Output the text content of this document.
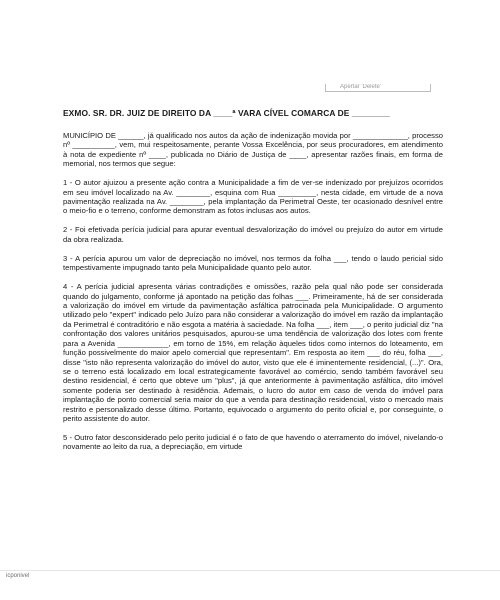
Apertar 'Delete'
EXMO. SR. DR. JUIZ DE DIREITO DA ____ª VARA CÍVEL COMARCA DE ________

MUNICÍPIO DE ______, já qualificado nos autos da ação de indenização movida por _____________, processo nº __________, vem, mui respeitosamente, perante Vossa Excelência, por seus procuradores, em atendimento à nota de expediente nº ____, publicada no Diário de Justiça de ____, apresentar razões finais, em forma de memorial, nos termos que segue:

1 - O autor ajuizou a presente ação contra a Municipalidade a fim de ver-se indenizado por prejuízos ocorridos em seu imóvel localizado na Av. ________, esquina com Rua _________, nesta cidade, em virtude de a nova pavimentação realizada na Av. ________, pela implantação da Perimetral Oeste, ter ocasionado desnível entre o meio-fio e o terreno, conforme demonstram as fotos inclusas aos autos.

2 - Foi efetivada perícia judicial para apurar eventual desvalorização do imóvel ou prejuízo do autor em virtude da obra realizada.

3 - A perícia apurou um valor de depreciação no imóvel, nos termos da folha ___, tendo o laudo pericial sido tempestivamente impugnado tanto pela Municipalidade quanto pelo autor.

4 - A perícia judicial apresenta várias contradições e omissões, razão pela qual não pode ser considerada quando do julgamento, conforme já apontado na petição das folhas ___. Primeiramente, há de ser considerada a valorização do imóvel em virtude da pavimentação asfáltica patrocinada pela Municipalidade. O argumento utilizado pelo "expert" indicado pelo Juízo para não considerar a valorização do imóvel em razão da implantação da Perimetral é contraditório e não esgota a matéria à saciedade. Na folha ___, item ___, o perito judicial diz "na confrontação dos valores unitários pesquisados, apurou-se uma tendência de valorização dos lotes com frente para a Avenida ____________, em torno de 15%, em relação àqueles tidos como internos do loteamento, em função possivelmente do maior apelo comercial que representam". Em resposta ao item ___ do réu, folha ___, disse "isto não representa valorização do imóvel do autor, visto que ele é iminentemente residencial, (...)". Ora, se o terreno está localizado em local estrategicamente favorável ao comércio, sendo também favorável seu destino residencial, é certo que obteve um "plus", já que anteriormente à pavimentação asfáltica, dito imóvel somente poderia ser destinado à residência. Ademais, o lucro do autor em caso de venda do imóvel para implantação de ponto comercial seria maior do que a venda para destinação residencial, visto o mercado mais restrito e personalizado desse último. Portanto, equivocado o argumento do perito oficial e, por conseguinte, o perito assistente do autor.

5 - Outro fator desconsiderado pelo perito judicial é o fato de que havendo o aterramento do imóvel, nivelando-o novamente ao leito da rua, a depreciação, em virtude

icponivel
